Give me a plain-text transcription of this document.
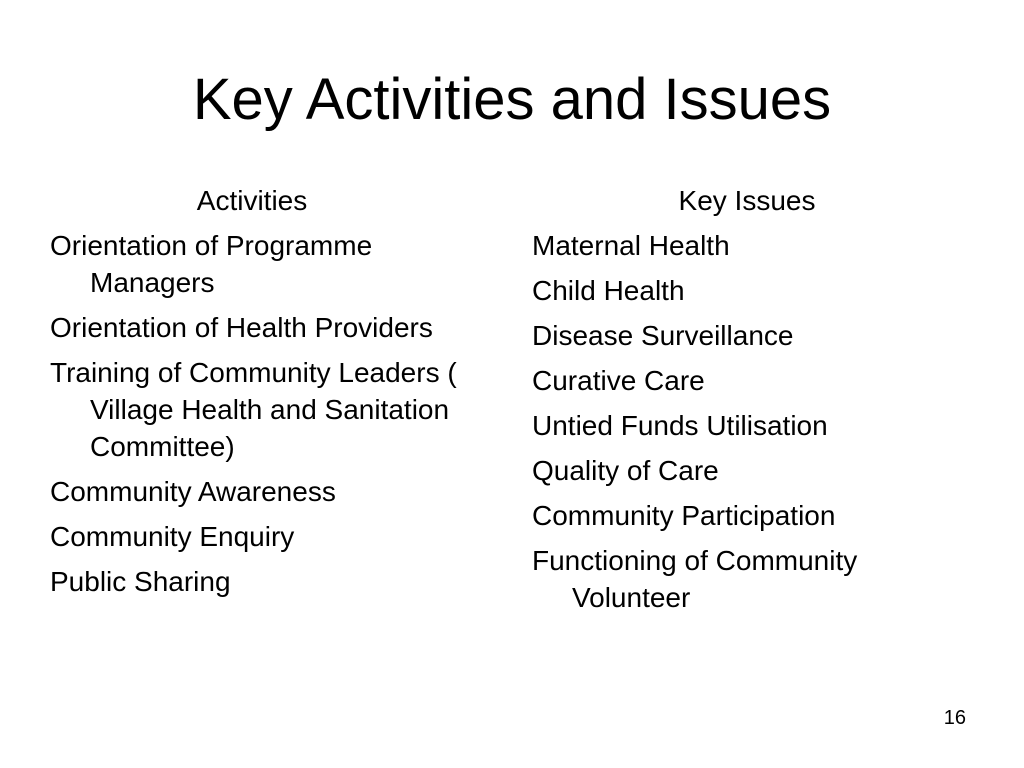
Key Activities and Issues
Activities
Orientation of Programme Managers
Orientation of Health Providers
Training of Community Leaders ( Village Health and Sanitation Committee)
Community Awareness
Community Enquiry
Public Sharing
Key Issues
Maternal Health
Child Health
Disease Surveillance
Curative Care
Untied Funds Utilisation
Quality of Care
Community Participation
Functioning of Community Volunteer
16
